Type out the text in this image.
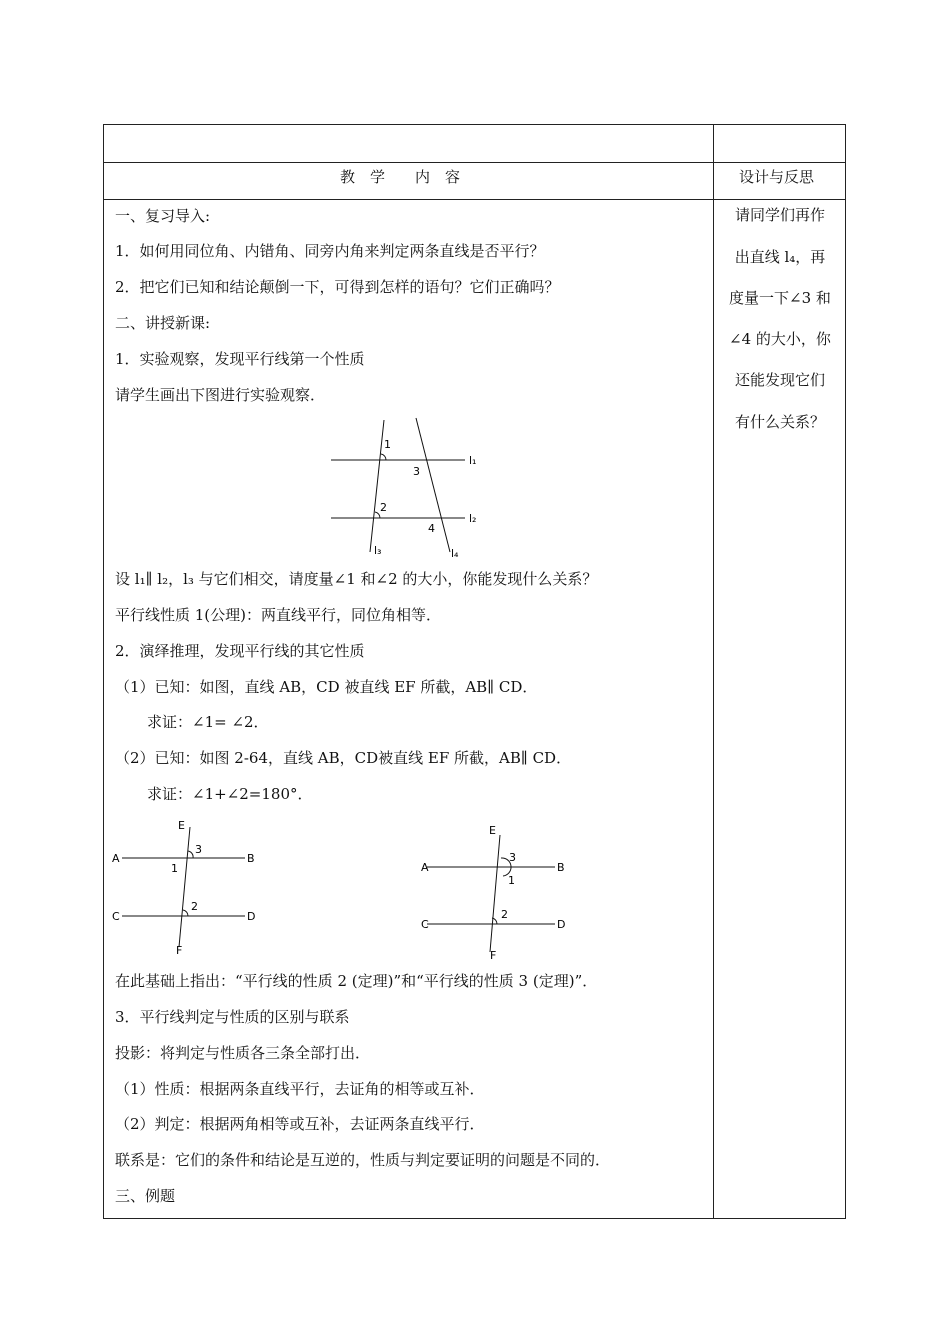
教　学　　内　容	设计与反思
请同学们再作
出直线 l₄，再
度量一下∠3 和
∠4 的大小，你
还能发现它们
有什么关系？
一、复习导入:
1．如何用同位角、内错角、同旁内角来判定两条直线是否平行？
2．把它们已知和结论颠倒一下，可得到怎样的语句？它们正确吗？
二、讲授新课:
1．实验观察，发现平行线第一个性质
请学生画出下图进行实验观察．
1
3
2
4
l₁
l₂
l₃	l₄
设 l₁∥ l₂，l₃ 与它们相交，请度量∠1 和∠2 的大小，你能发现什么关系？
平行线性质 1(公理)：两直线平行，同位角相等．
2．演绎推理，发现平行线的其它性质
（1）已知：如图，直线 AB，CD 被直线 EF 所截，AB∥ CD．
求证：∠1= ∠2．
（2）已知：如图 2-64，直线 AB，CD被直线 EF 所截，AB∥ CD．
求证：∠1+∠2=180°．
E
A	B
C	D
F
3
1
2
E
A	B
C	D
F
3
1
2
在此基础上指出：“平行线的性质 2 (定理)”和“平行线的性质 3 (定理)”．
3．平行线判定与性质的区别与联系
投影：将判定与性质各三条全部打出．
（1）性质：根据两条直线平行，去证角的相等或互补．
（2）判定：根据两角相等或互补，去证两条直线平行．
联系是：它们的条件和结论是互逆的，性质与判定要证明的问题是不同的．
三、例题
